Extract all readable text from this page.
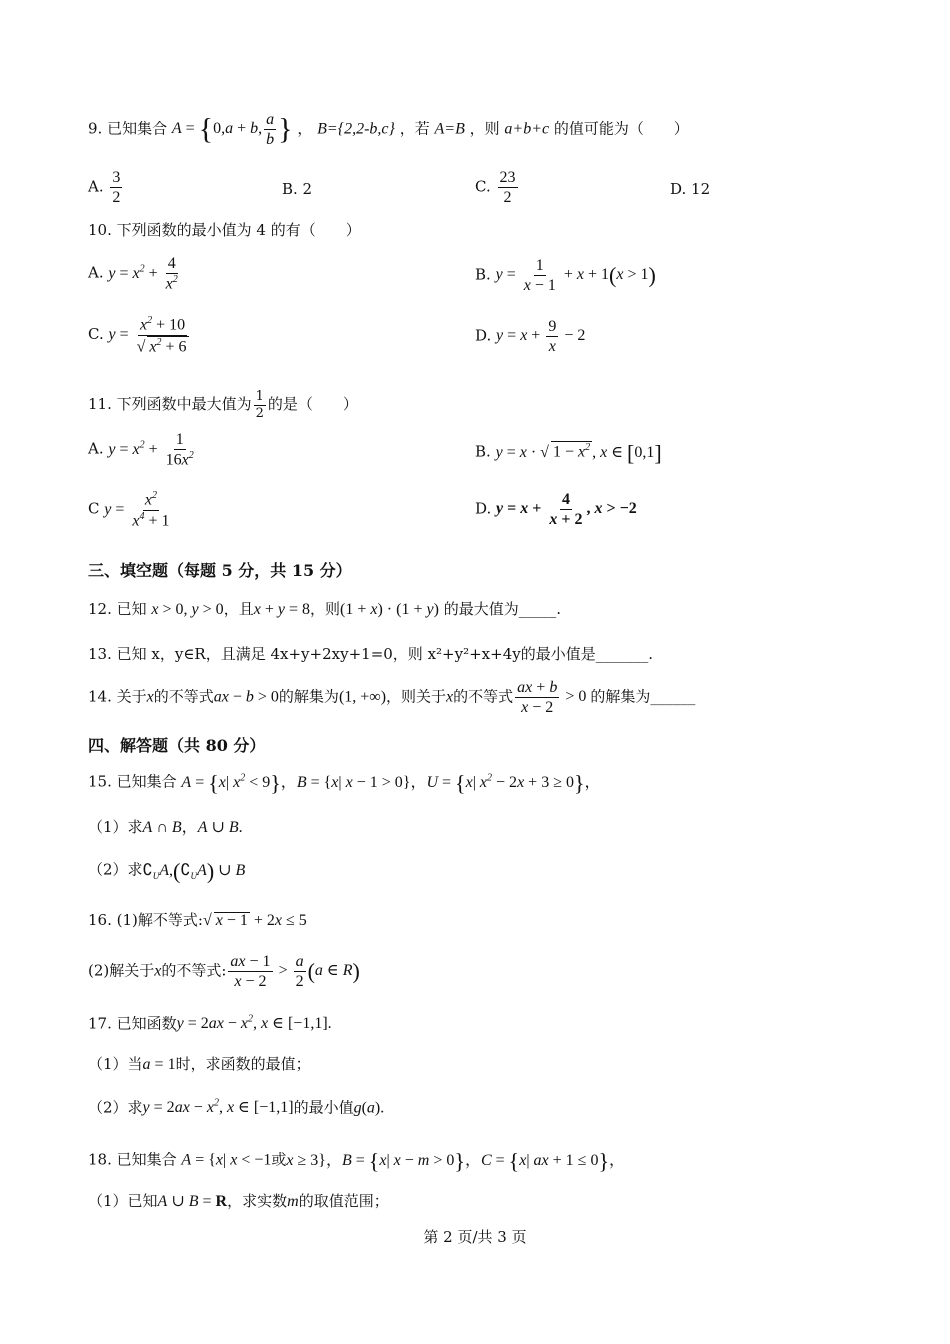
9. 已知集合 A = {0,a + b, $\frac{a}{b}$ } ， B={2,2-b,c} ，若 A=B ，则 a+b+c 的值可能为（　　）
A. $\frac{3}{2}$	B. 2	C. $\frac{23}{2}$	D. 12
10. 下列函数的最小值为 4 的有（　　）
A. $y = x^2 + \frac{4}{x^2}$	B. $y = \frac{1}{x - 1} + x + 1(x > 1)$
C. $y = \frac{x^2 + 10}{√ x^2 + 6}$	D. $y = x + \frac{9}{x} - 2$
11. 下列函数中最大值为 $\frac{1}{2}$ 的是（　　）
A. $y = x^2 + \frac{1}{16x^2}$	B. y = x · √ $1 - x^2$ , x ∈ [0,1]
C $y = \frac{x^2}{x^4 + 1}$	D. $y = x + \frac{4}{x + 2}$ , x > −2
三、填空题（每题 5 分，共 15 分）
12. 已知 x > 0, y > 0，且x + y = 8，则(1 + x) · (1 + y) 的最大值为_____.
13. 已知 x，y∈R，且满足 4x+y+2xy+1=0，则 x²+y²+x+4y的最小值是_______.
14. 关于x的不等式ax − b > 0的解集为(1, +∞)，则关于x的不等式 $\frac{ax + b}{x - 2} > 0$ 的解集为______
四、解答题（共 80 分）
15. 已知集合 A = {x| $x^2 < 9$}，B = {x| x − 1 > 0}，U = {x| $x^2 - 2x + 3 \ge 0$}，
（1）求A ∩ B，A ∪ B.
（2）求$∁_UA,(∁_UA)$ ∪ B
16. (1)解不等式:√ x − 1 + 2x ≤ 5
(2)解关于x的不等式: $\frac{ax - 1}{x - 2} > \frac{a}{2} (a$ ∈ R)
17. 已知函数$y = 2ax - x^2$, x ∈ [−1,1].
（1）当a = 1时，求函数的最值；
（2）求$y = 2ax - x^2$, x ∈ [−1,1]的最小值g(a).
18. 已知集合 A = {x| x < −1或x ≥ 3}，B = {x| x − m > 0}，C = {x| ax + 1 ≤ 0}，
（1）已知A ∪ B = R，求实数m的取值范围；
第 2 页/共 3 页
